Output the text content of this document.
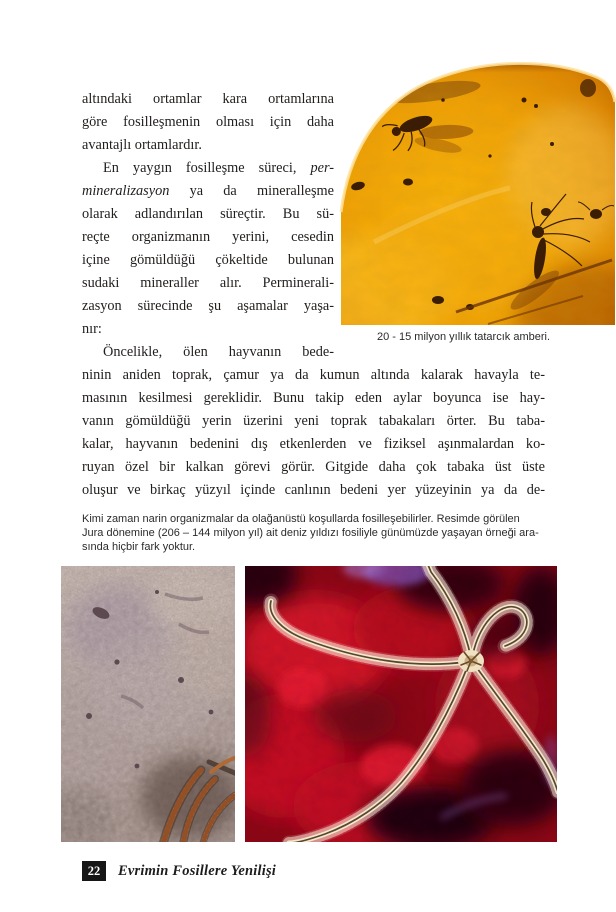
20 - 15 milyon yıllık tatarcık amberi.
altındaki ortamlar kara ortamlarına
göre fosilleşmenin olması için daha
avantajlı ortamlardır.
En yaygın fosilleşme süreci, per-
mineralizasyon ya da mineralleşme
olarak adlandırılan süreçtir. Bu sü-
reçte organizmanın yerini, cesedin
içine gömüldüğü çökeltide bulunan
sudaki mineraller alır. Perminerali-
zasyon sürecinde şu aşamalar yaşa-
nır:
Öncelikle, ölen hayvanın bede-
ninin aniden toprak, çamur ya da kumun altında kalarak havayla te-
masının kesilmesi gereklidir. Bunu takip eden aylar boyunca ise hay-
vanın gömüldüğü yerin üzerini yeni toprak tabakaları örter. Bu taba-
kalar, hayvanın bedenini dış etkenlerden ve fiziksel aşınmalardan ko-
ruyan özel bir kalkan görevi görür. Gitgide daha çok tabaka üst üste
oluşur ve birkaç yüzyıl içinde canlının bedeni yer yüzeyinin ya da de-
Kimi zaman narin organizmalar da olağanüstü koşullarda fosilleşebilirler. Resimde görülen
Jura dönemine (206 – 144 milyon yıl) ait deniz yıldızı fosiliyle günümüzde yaşayan örneği ara-
sında hiçbir fark yoktur.
22	Evrimin Fosillere Yenilişi
